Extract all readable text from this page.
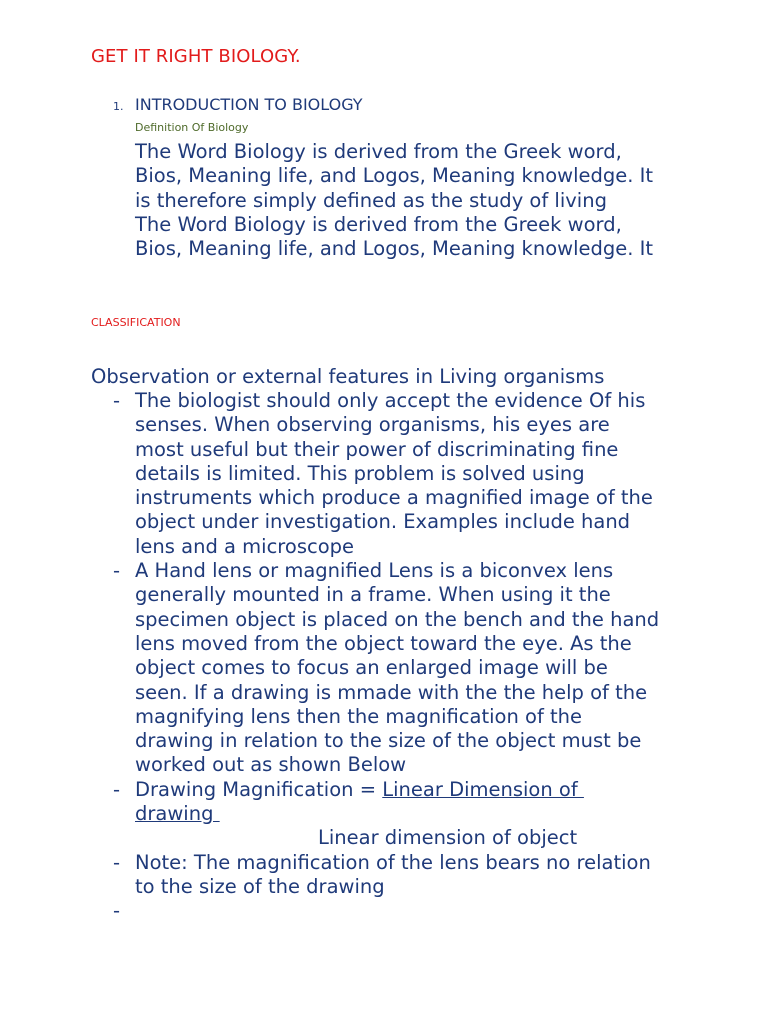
GET IT RIGHT BIOLOGY.
1. INTRODUCTION TO BIOLOGY
Definition Of Biology
The Word Biology is derived from the Greek word,
Bios, Meaning life, and Logos, Meaning knowledge. It
is therefore simply defined as the study of living
The Word Biology is derived from the Greek word,
Bios, Meaning life, and Logos, Meaning knowledge. It
CLASSIFICATION
Observation or external features in Living organisms
- The biologist should only accept the evidence Of his
senses. When observing organisms, his eyes are
most useful but their power of discriminating fine
details is limited. This problem is solved using
instruments which produce a magnified image of the
object under investigation. Examples include hand
lens and a microscope
- A Hand lens or magnified Lens is a biconvex lens
generally mounted in a frame. When using it the
specimen object is placed on the bench and the hand
lens moved from the object toward the eye. As the
object comes to focus an enlarged image will be
seen. If a drawing is mmade with the the help of the
magnifying lens then the magnification of the
drawing in relation to the size of the object must be
worked out as shown Below
- Drawing Magnification = Linear Dimension of
drawing
Linear dimension of object
- Note: The magnification of the lens bears no relation
to the size of the drawing
-
